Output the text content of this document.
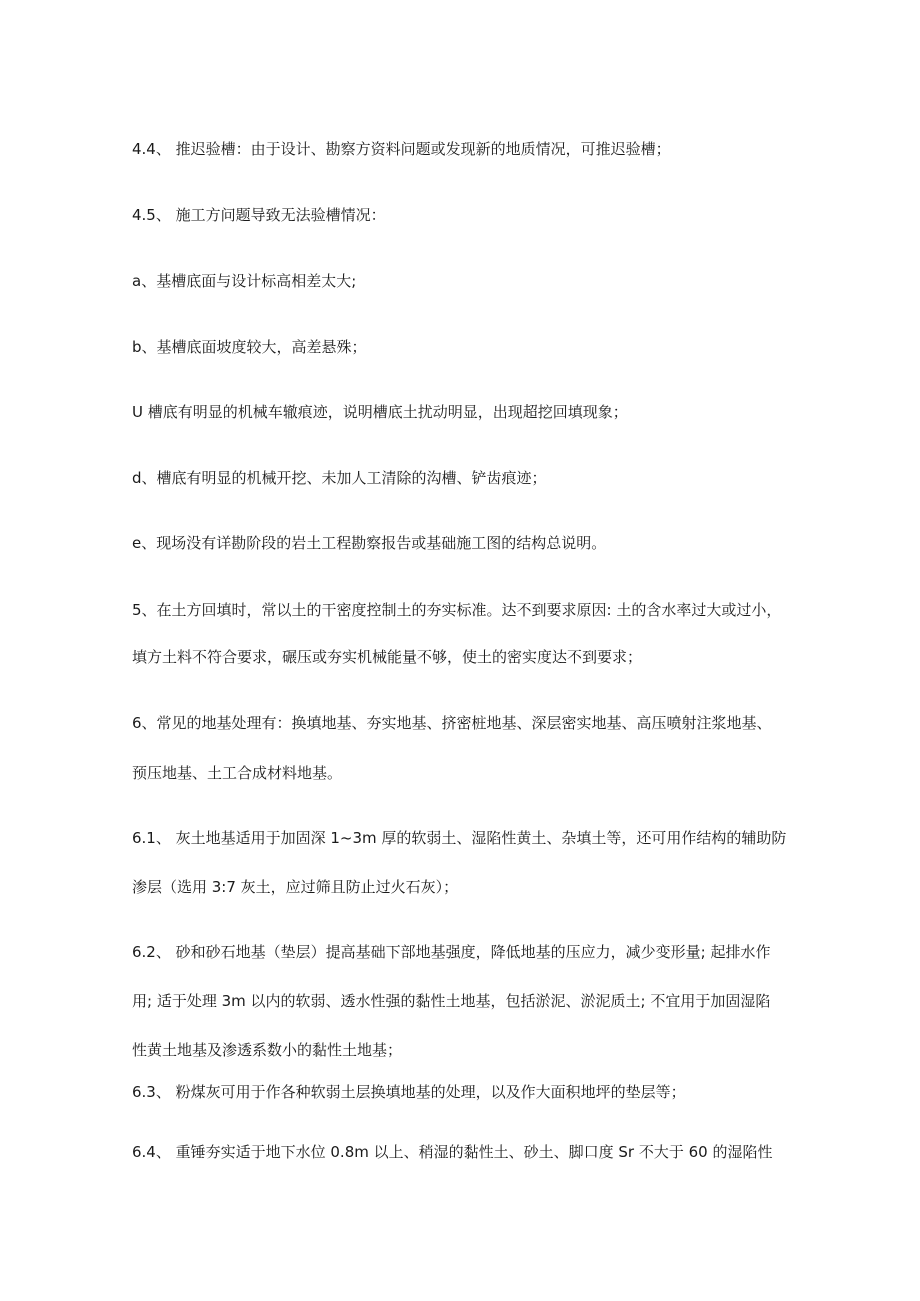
4.4、 推迟验槽：由于设计、勘察方资料问题或发现新的地质情况，可推迟验槽；
4.5、 施工方问题导致无法验槽情况：
a、基槽底面与设计标高相差太大;
b、基槽底面坡度较大，高差悬殊；
U 槽底有明显的机械车辙痕迹，说明槽底土扰动明显，出现超挖回填现象；
d、槽底有明显的机械开挖、未加人工清除的沟槽、铲齿痕迹；
e、现场没有详勘阶段的岩土工程勘察报告或基础施工图的结构总说明。
5、在土方回填时，常以土的干密度控制土的夯实标准。达不到要求原因: 土的含水率过大或过小，
填方土料不符合要求，碾压或夯实机械能量不够，使土的密实度达不到要求；
6、常见的地基处理有：换填地基、夯实地基、挤密桩地基、深层密实地基、高压喷射注浆地基、
预压地基、土工合成材料地基。
6.1、 灰土地基适用于加固深 1~3m 厚的软弱土、湿陷性黄土、杂填土等，还可用作结构的辅助防
渗层（选用 3:7 灰土，应过筛且防止过火石灰）；
6.2、 砂和砂石地基（垫层）提高基础下部地基强度，降低地基的压应力，减少变形量; 起排水作
用; 适于处理 3m 以内的软弱、透水性强的黏性土地基，包括淤泥、淤泥质土; 不宜用于加固湿陷
性黄土地基及渗透系数小的黏性土地基；
6.3、 粉煤灰可用于作各种软弱土层换填地基的处理，以及作大面积地坪的垫层等；
6.4、 重锤夯实适于地下水位 0.8m 以上、稍湿的黏性土、砂土、脚口度 Sr 不大于 60 的湿陷性
